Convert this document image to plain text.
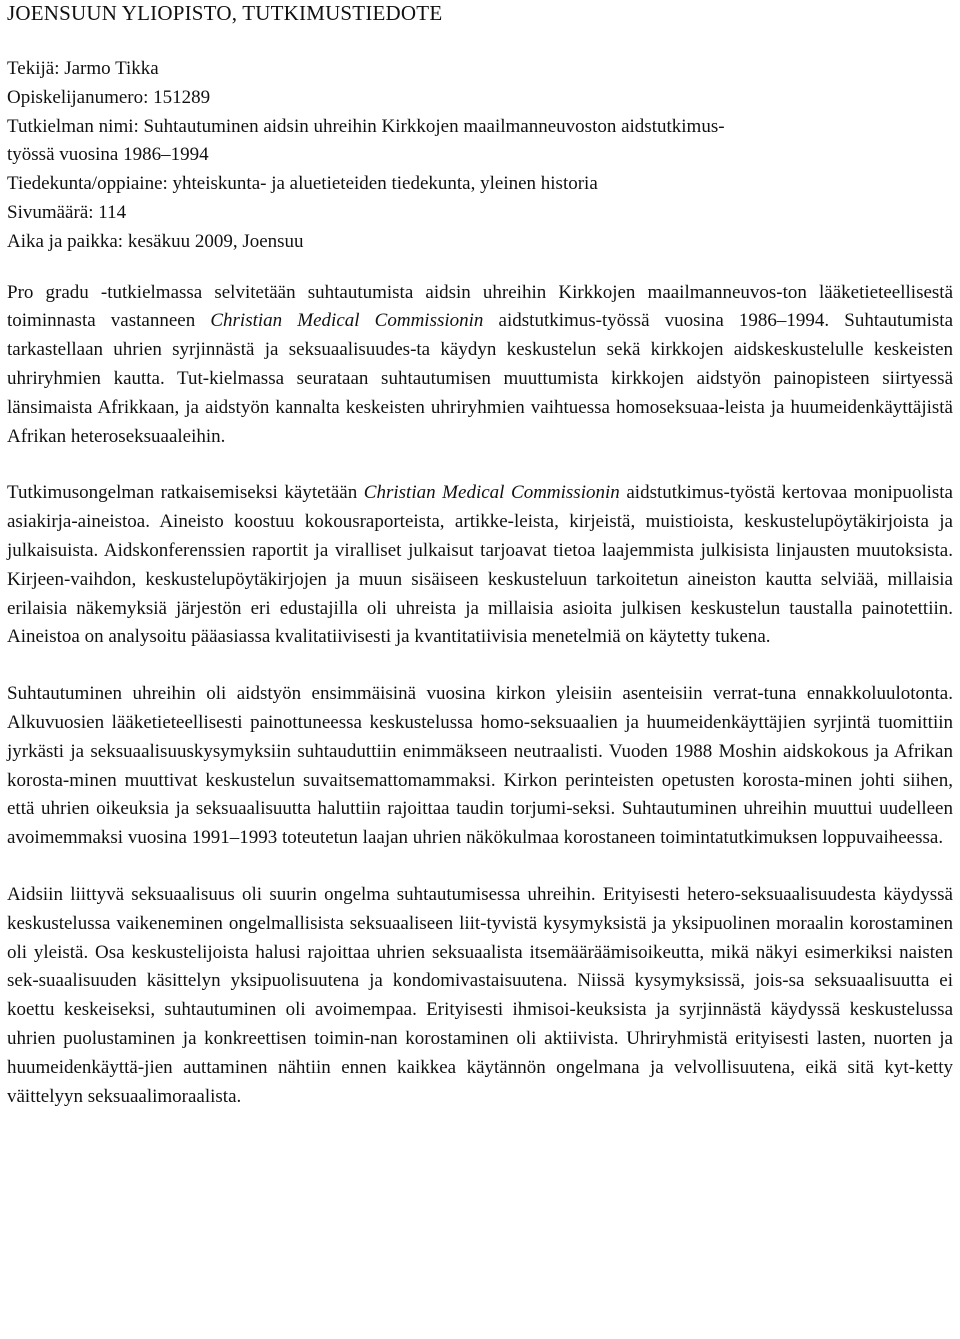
JOENSUUN YLIOPISTO, TUTKIMUSTIEDOTE
Tekijä: Jarmo Tikka
Opiskelijanumero: 151289
Tutkielman nimi: Suhtautuminen aidsin uhreihin Kirkkojen maailmanneuvoston aidstutkimus-
työssä vuosina 1986–1994
Tiedekunta/oppiaine: yhteiskunta- ja aluetieteiden tiedekunta, yleinen historia
Sivumäärä: 114
Aika ja paikka: kesäkuu 2009, Joensuu

Pro gradu -tutkielmassa selvitetään suhtautumista aidsin uhreihin Kirkkojen maailmanneuvos-ton lääketieteellisestä toiminnasta vastanneen Christian Medical Commissionin aidstutkimus-työssä vuosina 1986–1994. Suhtautumista tarkastellaan uhrien syrjinnästä ja seksuaalisuudes-ta käydyn keskustelun sekä kirkkojen aidskeskustelulle keskeisten uhriryhmien kautta. Tut-kielmassa seurataan suhtautumisen muuttumista kirkkojen aidstyön painopisteen siirtyessä länsimaista Afrikkaan, ja aidstyön kannalta keskeisten uhriryhmien vaihtuessa homoseksuaa-leista ja huumeidenkäyttäjistä Afrikan heteroseksuaaleihin.

Tutkimusongelman ratkaisemiseksi käytetään Christian Medical Commissionin aidstutkimus-työstä kertovaa monipuolista asiakirja-aineistoa. Aineisto koostuu kokousraporteista, artikke-leista, kirjeistä, muistioista, keskustelupöytäkirjoista ja julkaisuista. Aidskonferenssien raportit ja viralliset julkaisut tarjoavat tietoa laajemmista julkisista linjausten muutoksista. Kirjeen-vaihdon, keskustelupöytäkirjojen ja muun sisäiseen keskusteluun tarkoitetun aineiston kautta selviää, millaisia erilaisia näkemyksiä järjestön eri edustajilla oli uhreista ja millaisia asioita julkisen keskustelun taustalla painotettiin. Aineistoa on analysoitu pääasiassa kvalitatiivisesti ja kvantitatiivisia menetelmiä on käytetty tukena.

Suhtautuminen uhreihin oli aidstyön ensimmäisinä vuosina kirkon yleisiin asenteisiin verrat-tuna ennakkoluulotonta. Alkuvuosien lääketieteellisesti painottuneessa keskustelussa homo-seksuaalien ja huumeidenkäyttäjien syrjintä tuomittiin jyrkästi ja seksuaalisuuskysymyksiin suhtauduttiin enimmäkseen neutraalisti. Vuoden 1988 Moshin aidskokous ja Afrikan korosta-minen muuttivat keskustelun suvaitsemattomammaksi. Kirkon perinteisten opetusten korosta-minen johti siihen, että uhrien oikeuksia ja seksuaalisuutta haluttiin rajoittaa taudin torjumi-seksi. Suhtautuminen uhreihin muuttui uudelleen avoimemmaksi vuosina 1991–1993 toteutetun laajan uhrien näkökulmaa korostaneen toimintatutkimuksen loppuvaiheessa.

Aidsiin liittyvä seksuaalisuus oli suurin ongelma suhtautumisessa uhreihin. Erityisesti hetero-seksuaalisuudesta käydyssä keskustelussa vaikeneminen ongelmallisista seksuaaliseen liit-tyvistä kysymyksistä ja yksipuolinen moraalin korostaminen oli yleistä. Osa keskustelijoista halusi rajoittaa uhrien seksuaalista itsemääräämisoikeutta, mikä näkyi esimerkiksi naisten sek-suaalisuuden käsittelyn yksipuolisuutena ja kondomivastaisuutena. Niissä kysymyksissä, jois-sa seksuaalisuutta ei koettu keskeiseksi, suhtautuminen oli avoimempaa. Erityisesti ihmisoi-keuksista ja syrjinnästä käydyssä keskustelussa uhrien puolustaminen ja konkreettisen toimin-nan korostaminen oli aktiivista. Uhriryhmistä erityisesti lasten, nuorten ja huumeidenkäyttä-jien auttaminen nähtiin ennen kaikkea käytännön ongelmana ja velvollisuutena, eikä sitä kyt-ketty väittelyyn seksuaalimoraalista.
